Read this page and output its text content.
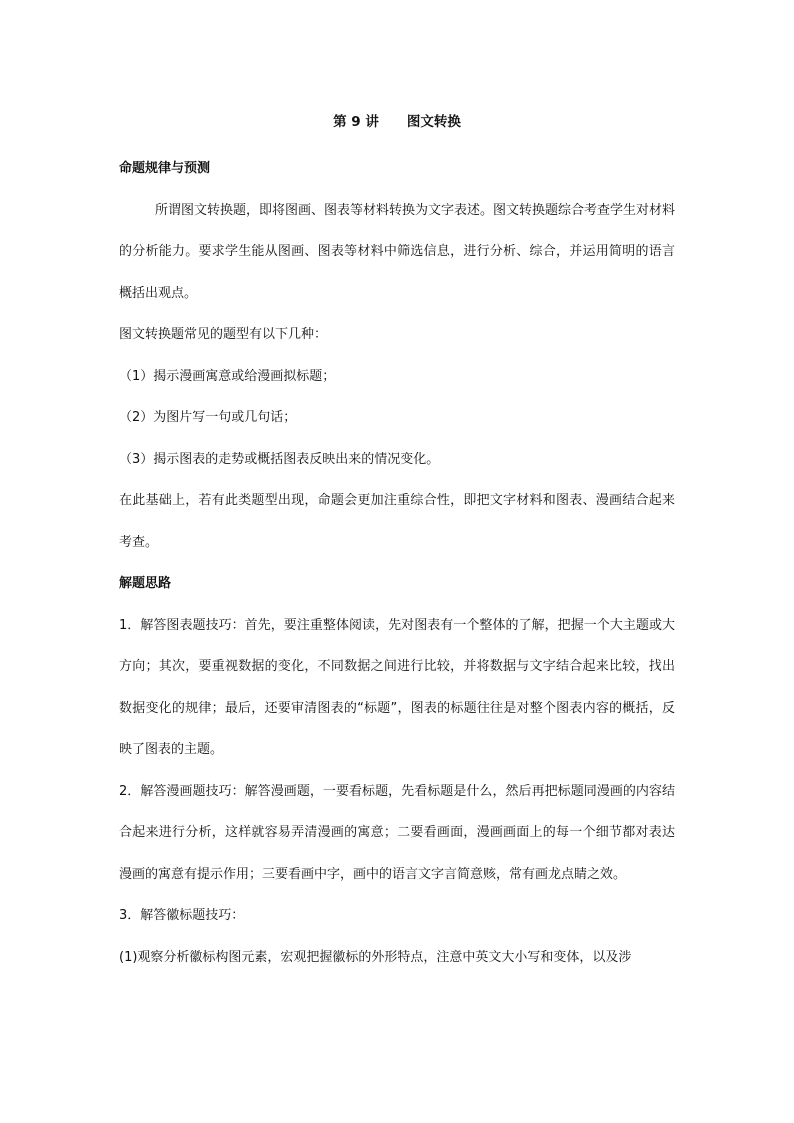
第 9 讲 图文转换

命题规律与预测

所谓图文转换题，即将图画、图表等材料转换为文字表述。图文转换题综合考查学生对材料的分析能力。要求学生能从图画、图表等材料中筛选信息，进行分析、综合，并运用简明的语言概括出观点。

图文转换题常见的题型有以下几种：

（1）揭示漫画寓意或给漫画拟标题；

（2）为图片写一句或几句话；

（3）揭示图表的走势或概括图表反映出来的情况变化。

在此基础上，若有此类题型出现，命题会更加注重综合性，即把文字材料和图表、漫画结合起来考查。

解题思路

1．解答图表题技巧：首先，要注重整体阅读，先对图表有一个整体的了解，把握一个大主题或大方向；其次，要重视数据的变化，不同数据之间进行比较，并将数据与文字结合起来比较，找出数据变化的规律；最后，还要审清图表的“标题”，图表的标题往往是对整个图表内容的概括，反映了图表的主题。

2．解答漫画题技巧：解答漫画题，一要看标题，先看标题是什么，然后再把标题同漫画的内容结合起来进行分析，这样就容易弄清漫画的寓意；二要看画面，漫画画面上的每一个细节都对表达漫画的寓意有提示作用；三要看画中字，画中的语言文字言简意赅，常有画龙点睛之效。

3．解答徽标题技巧：

(1)观察分析徽标构图元素，宏观把握徽标的外形特点，注意中英文大小写和变体，以及涉
